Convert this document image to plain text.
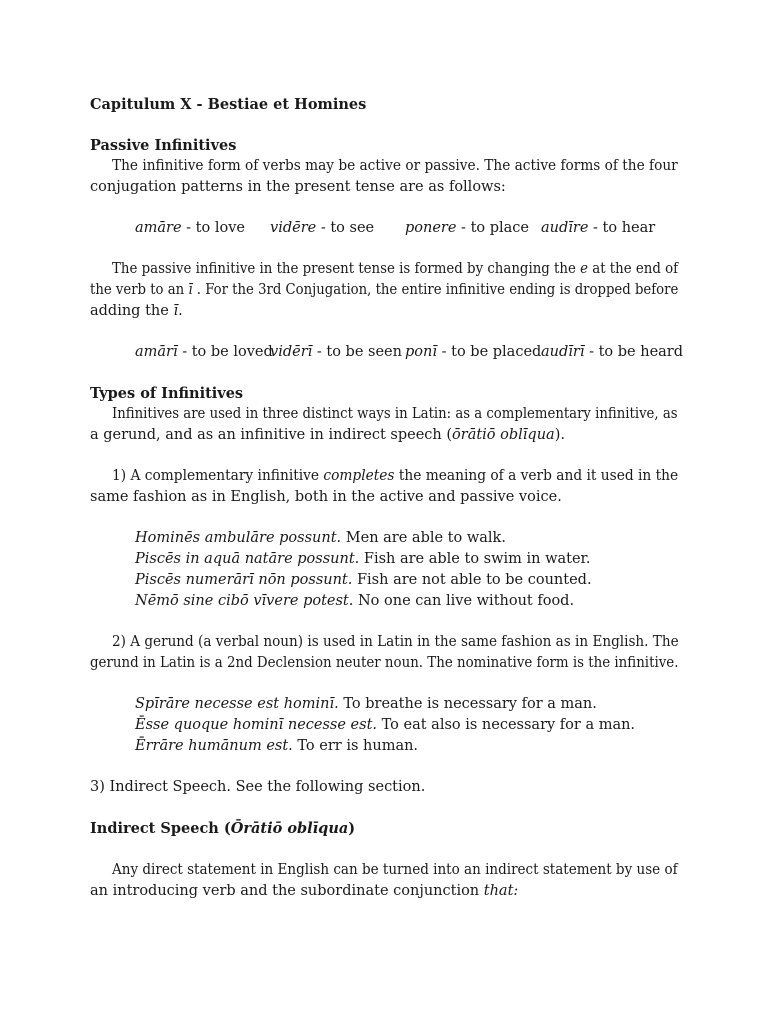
Capitulum X - Bestiae et Homines
Passive Infinitives
The infinitive form of verbs may be active or passive. The active forms of the four
conjugation patterns in the present tense are as follows:
amāre - to love vidēre - to see ponere - to place audīre - to hear
The passive infinitive in the present tense is formed by changing the e at the end of
the verb to an ī . For the 3rd Conjugation, the entire infinitive ending is dropped before
adding the ī.
amārī - to be loved
vidērī - to be seen ponī - to be placed audīrī - to be heard
Types of Infinitives
Infinitives are used in three distinct ways in Latin: as a complementary infinitive, as
a gerund, and as an infinitive in indirect speech (ōrātiō oblīqua).
1) A complementary infinitive completes the meaning of a verb and it used in the
same fashion as in English, both in the active and passive voice.
Hominēs ambulāre possunt. Men are able to walk.
Piscēs in aquā natāre possunt. Fish are able to swim in water.
Piscēs numerārī nōn possunt. Fish are not able to be counted.
Nēmō sine cibō vīvere potest. No one can live without food.
2) A gerund (a verbal noun) is used in Latin in the same fashion as in English. The
gerund in Latin is a 2nd Declension neuter noun. The nominative form is the infinitive.
Spīrāre necesse est hominī. To breathe is necessary for a man.
Ēsse quoque hominī necesse est. To eat also is necessary for a man.
Ērrāre humānum est. To err is human.
3) Indirect Speech. See the following section.
Indirect Speech (Ōrātiō oblīqua)
Any direct statement in English can be turned into an indirect statement by use of
an introducing verb and the subordinate conjunction that:
